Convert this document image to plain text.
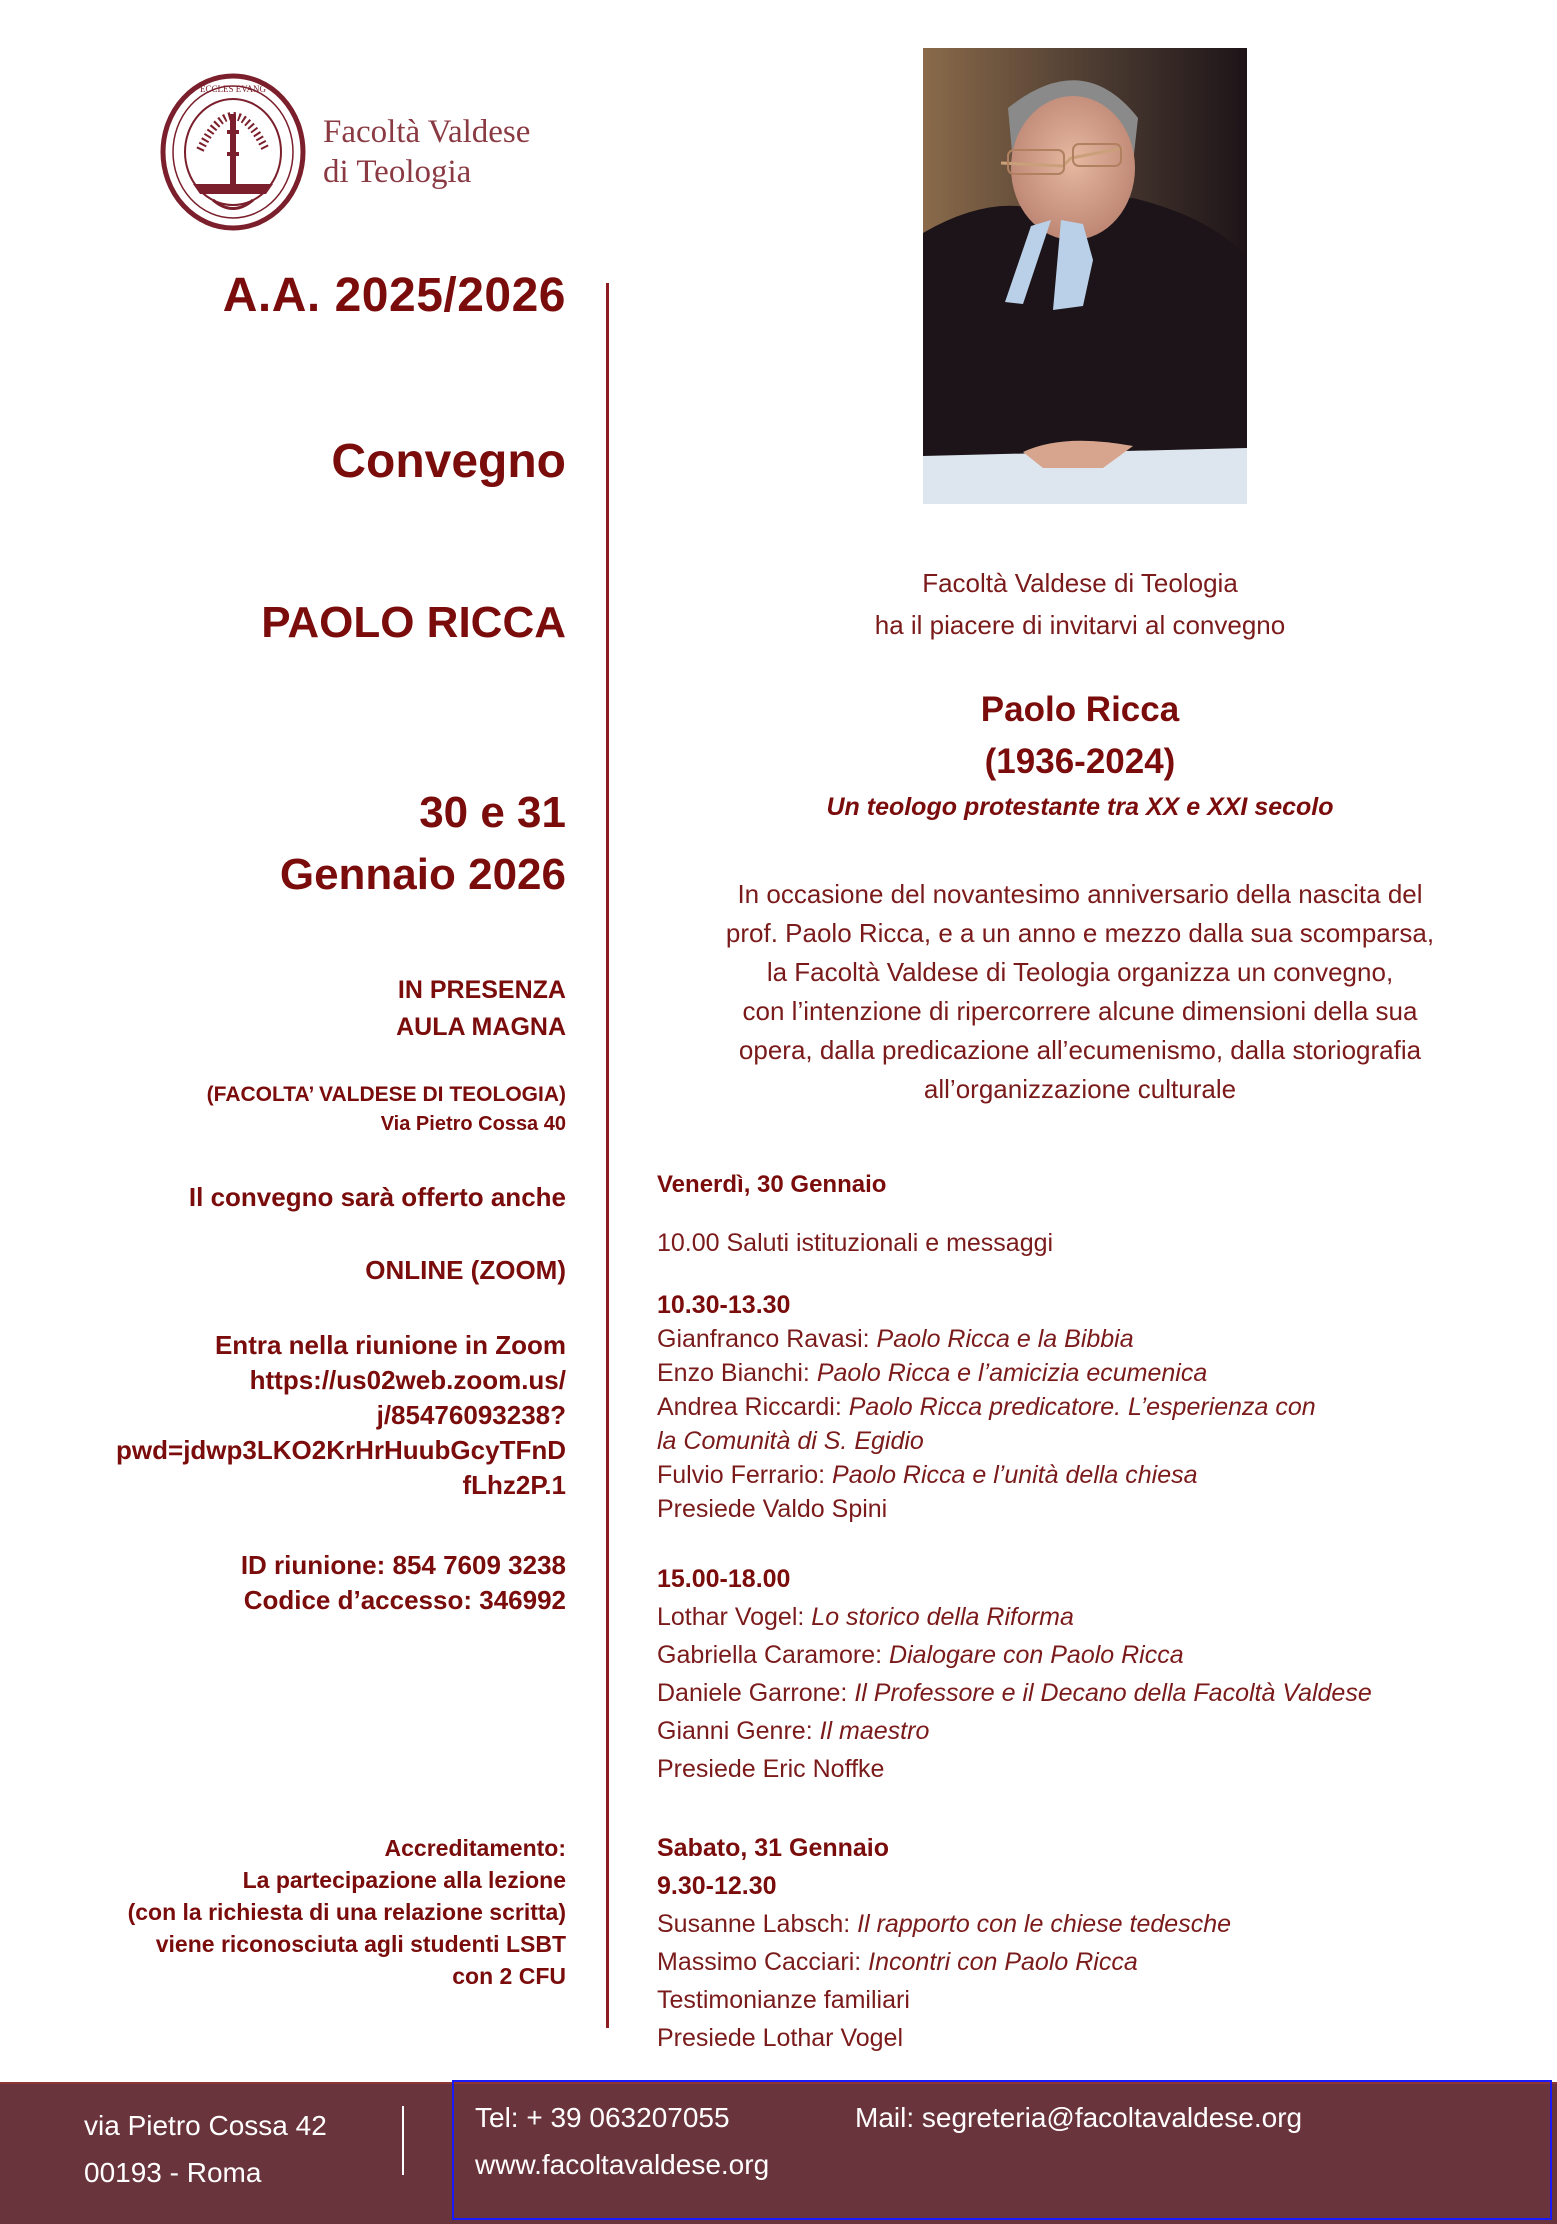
ECCLES EVANG
Facoltà Valdese
di Teologia
A.A. 2025/2026
Convegno
PAOLO RICCA
30 e 31
Gennaio 2026
IN PRESENZA
AULA MAGNA
(FACOLTA’ VALDESE DI TEOLOGIA)
Via Pietro Cossa 40
Il convegno sarà offerto anche
ONLINE (ZOOM)
Entra nella riunione in Zoom
https://us02web.zoom.us/
j/85476093238?
pwd=jdwp3LKO2KrHrHuubGcyTFnD
fLhz2P.1
ID riunione: 854 7609 3238
Codice d’accesso: 346992
Accreditamento:
La partecipazione alla lezione
(con la richiesta di una relazione scritta)
viene riconosciuta agli studenti LSBT
con 2 CFU
Facoltà Valdese di Teologia
ha il piacere di invitarvi al convegno
Paolo Ricca
(1936-2024)
Un teologo protestante tra XX e XXI secolo
In occasione del novantesimo anniversario della nascita del
prof. Paolo Ricca, e a un anno e mezzo dalla sua scomparsa,
la Facoltà Valdese di Teologia organizza un convegno,
con l’intenzione di ripercorrere alcune dimensioni della sua
opera, dalla predicazione all’ecumenismo, dalla storiografia
all’organizzazione culturale
Venerdì, 30 Gennaio
10.00 Saluti istituzionali e messaggi
10.30-13.30
Gianfranco Ravasi: Paolo Ricca e la Bibbia
Enzo Bianchi: Paolo Ricca e l’amicizia ecumenica
Andrea Riccardi: Paolo Ricca predicatore. L’esperienza con
la Comunità di S. Egidio
Fulvio Ferrario: Paolo Ricca e l’unità della chiesa
Presiede Valdo Spini
15.00-18.00
Lothar Vogel: Lo storico della Riforma
Gabriella Caramore: Dialogare con Paolo Ricca
Daniele Garrone: Il Professore e il Decano della Facoltà Valdese
Gianni Genre: Il maestro
Presiede Eric Noffke
Sabato, 31 Gennaio
9.30-12.30
Susanne Labsch: Il rapporto con le chiese tedesche
Massimo Cacciari: Incontri con Paolo Ricca
Testimonianze familiari
Presiede Lothar Vogel
via Pietro Cossa 42
00193 - Roma
Tel: + 39 063207055
www.facoltavaldese.org
Mail: segreteria@facoltavaldese.org
